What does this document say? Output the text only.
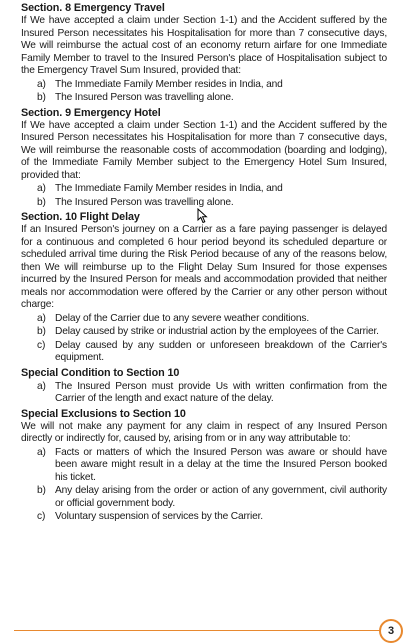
Section. 8 Emergency Travel

If We have accepted a claim under Section 1-1) and the Accident suffered by the Insured Person necessitates his Hospitalisation for more than 7 consecutive days, We will reimburse the actual cost of an economy return airfare for one Immediate Family Member to travel to the Insured Person's place of Hospitalisation subject to the Emergency Travel Sum Insured, provided that:

a) The Immediate Family Member resides in India, and
b) The Insured Person was travelling alone.

Section. 9 Emergency Hotel

If We have accepted a claim under Section 1-1) and the Accident suffered by the Insured Person necessitates his Hospitalisation for more than 7 consecutive days, We will reimburse the reasonable costs of accommodation (boarding and lodging), of the Immediate Family Member subject to the Emergency Hotel Sum Insured, provided that:

a) The Immediate Family Member resides in India, and
b) The Insured Person was travelling alone.

Section. 10 Flight Delay

If an Insured Person's journey on a Carrier as a fare paying passenger is delayed for a continuous and completed 6 hour period beyond its scheduled departure or scheduled arrival time during the Risk Period because of any of the reasons below, then We will reimburse up to the Flight Delay Sum Insured for those expenses incurred by the Insured Person for meals and accommodation provided that neither meals nor accommodation were offered by the Carrier or any other person without charge:

a) Delay of the Carrier due to any severe weather conditions.
b) Delay caused by strike or industrial action by the employees of the Carrier.
c) Delay caused by any sudden or unforeseen breakdown of the Carrier's equipment.

Special Condition to Section 10

a) The Insured Person must provide Us with written confirmation from the Carrier of the length and exact nature of the delay.

Special Exclusions to Section 10

We will not make any payment for any claim in respect of any Insured Person directly or indirectly for, caused by, arising from or in any way attributable to:

a) Facts or matters of which the Insured Person was aware or should have been aware might result in a delay at the time the Insured Person booked his ticket.
b) Any delay arising from the order or action of any government, civil authority or official government body.
c) Voluntary suspension of services by the Carrier.
3
